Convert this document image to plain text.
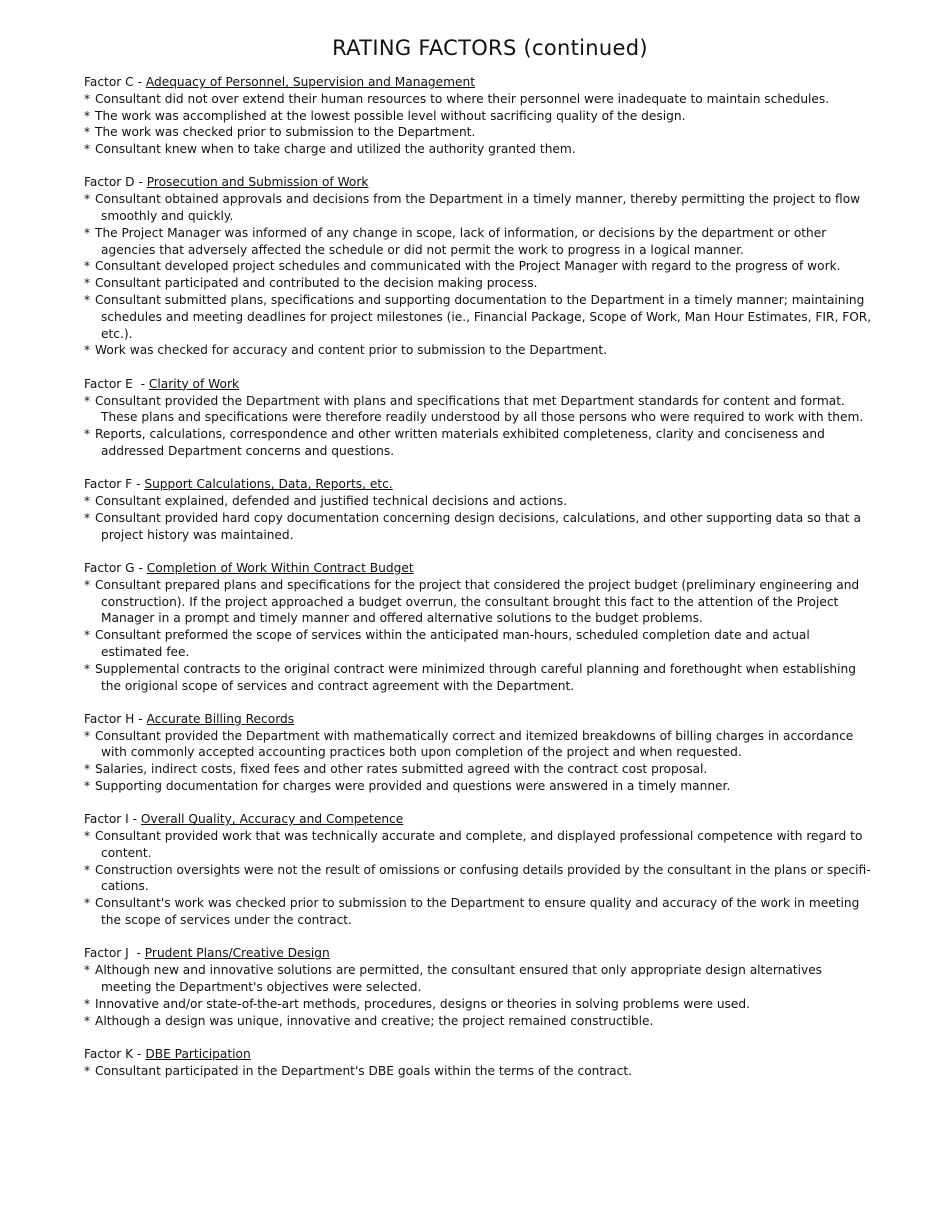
RATING FACTORS (continued)
Factor C - Adequacy of Personnel, Supervision and Management
* Consultant did not over extend their human resources to where their personnel were inadequate to maintain schedules.
* The work was accomplished at the lowest possible level without sacrificing quality of the design.
* The work was checked prior to submission to the Department.
* Consultant knew when to take charge and utilized the authority granted them.
Factor D - Prosecution and Submission of Work
* Consultant obtained approvals and decisions from the Department in a timely manner, thereby permitting the project to flow smoothly and quickly.
* The Project Manager was informed of any change in scope, lack of information, or decisions by the department or other agencies that adversely affected the schedule or did not permit the work to progress in a logical manner.
* Consultant developed project schedules and communicated with the Project Manager with regard to the progress of work.
* Consultant participated and contributed to the decision making process.
* Consultant submitted plans, specifications and supporting documentation to the Department in a timely manner; maintaining schedules and meeting deadlines for project milestones (ie., Financial Package, Scope of Work, Man Hour Estimates, FIR, FOR, etc.).
* Work was checked for accuracy and content prior to submission to the Department.
Factor E  - Clarity of Work
* Consultant provided the Department with plans and specifications that met Department standards for content and format. These plans and specifications were therefore readily understood by all those persons who were required to work with them.
* Reports, calculations, correspondence and other written materials exhibited completeness, clarity and conciseness and addressed Department concerns and questions.
Factor F - Support Calculations, Data, Reports, etc.
* Consultant explained, defended and justified technical decisions and actions.
* Consultant provided hard copy documentation concerning design decisions, calculations, and other supporting data so that a project history was maintained.
Factor G - Completion of Work Within Contract Budget
* Consultant prepared plans and specifications for the project that considered the project budget (preliminary engineering and construction). If the project approached a budget overrun, the consultant brought this fact to the attention of the Project Manager in a prompt and timely manner and offered alternative solutions to the budget problems.
* Consultant preformed the scope of services within the anticipated man-hours, scheduled completion date and actual estimated fee.
* Supplemental contracts to the original contract were minimized through careful planning and forethought when establishing the origional scope of services and contract agreement with the Department.
Factor H - Accurate Billing Records
* Consultant provided the Department with mathematically correct and itemized breakdowns of billing charges in accordance with commonly accepted accounting practices both upon completion of the project and when requested.
* Salaries, indirect costs, fixed fees and other rates submitted agreed with the contract cost proposal.
* Supporting documentation for charges were provided and questions were answered in a timely manner.
Factor I - Overall Quality, Accuracy and Competence
* Consultant provided work that was technically accurate and complete, and displayed professional competence with regard to content.
* Construction oversights were not the result of omissions or confusing details provided by the consultant in the plans or specifi-cations.
* Consultant's work was checked prior to submission to the Department to ensure quality and accuracy of the work in meeting the scope of services under the contract.
Factor J  - Prudent Plans/Creative Design
* Although new and innovative solutions are permitted, the consultant ensured that only appropriate design alternatives meeting the Department's objectives were selected.
* Innovative and/or state-of-the-art methods, procedures, designs or theories in solving problems were used.
* Although a design was unique, innovative and creative; the project remained constructible.
Factor K - DBE Participation
* Consultant participated in the Department's DBE goals within the terms of the contract.
